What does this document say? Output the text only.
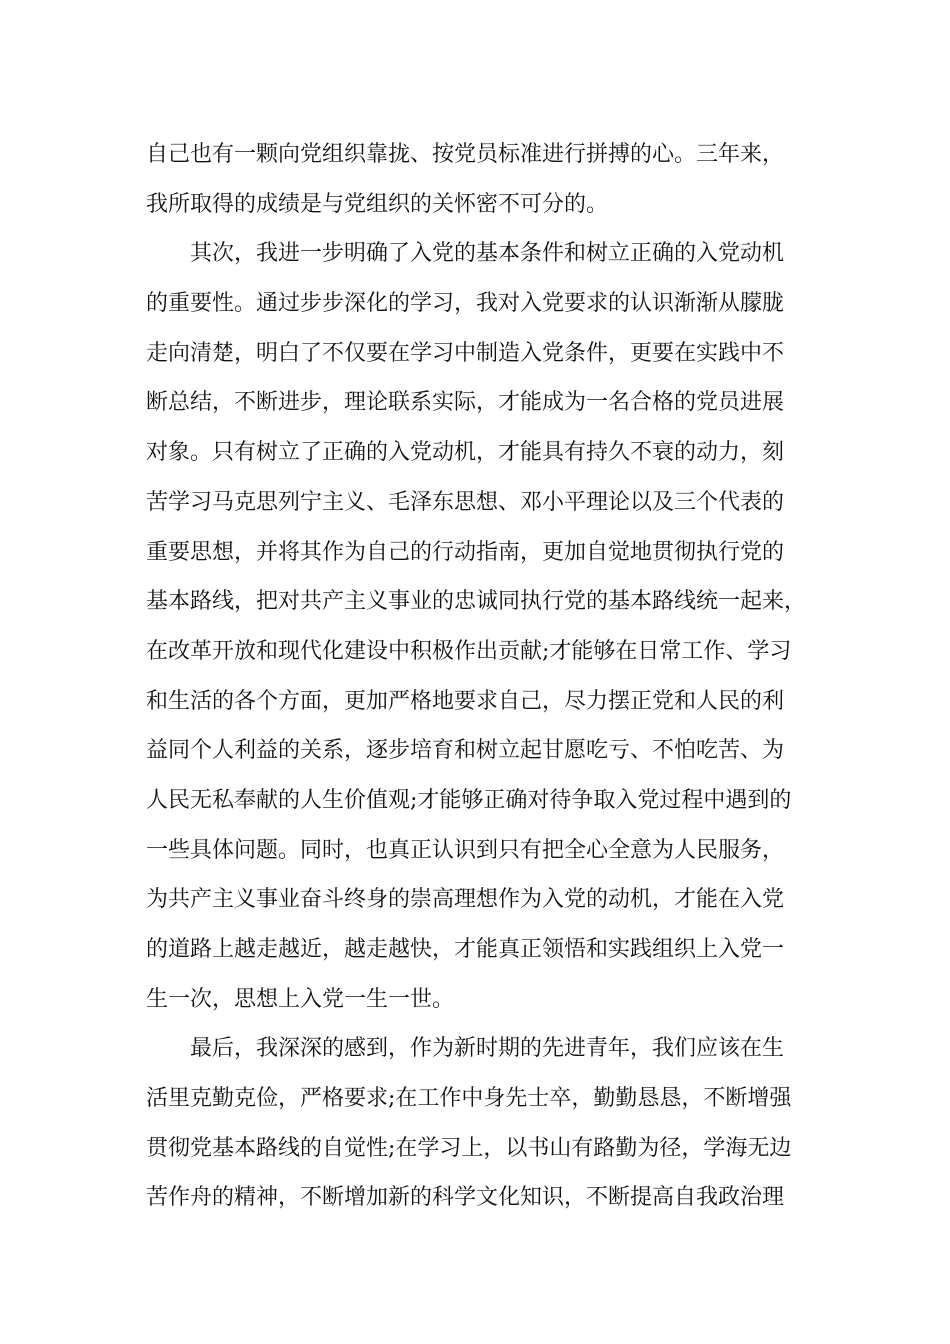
自己也有一颗向党组织靠拢、按党员标准进行拼搏的心。三年来，
我所取得的成绩是与党组织的关怀密不可分的。
　　其次，我进一步明确了入党的基本条件和树立正确的入党动机
的重要性。通过步步深化的学习，我对入党要求的认识渐渐从朦胧
走向清楚，明白了不仅要在学习中制造入党条件，更要在实践中不
断总结，不断进步，理论联系实际，才能成为一名合格的党员进展
对象。只有树立了正确的入党动机，才能具有持久不衰的动力，刻
苦学习马克思列宁主义、毛泽东思想、邓小平理论以及三个代表的
重要思想，并将其作为自己的行动指南，更加自觉地贯彻执行党的
基本路线，把对共产主义事业的忠诚同执行党的基本路线统一起来，
在改革开放和现代化建设中积极作出贡献;才能够在日常工作、学习
和生活的各个方面，更加严格地要求自己，尽力摆正党和人民的利
益同个人利益的关系，逐步培育和树立起甘愿吃亏、不怕吃苦、为
人民无私奉献的人生价值观;才能够正确对待争取入党过程中遇到的
一些具体问题。同时，也真正认识到只有把全心全意为人民服务，
为共产主义事业奋斗终身的崇高理想作为入党的动机，才能在入党
的道路上越走越近，越走越快，才能真正领悟和实践组织上入党一
生一次，思想上入党一生一世。
　　最后，我深深的感到，作为新时期的先进青年，我们应该在生
活里克勤克俭，严格要求;在工作中身先士卒，勤勤恳恳，不断增强
贯彻党基本路线的自觉性;在学习上，以书山有路勤为径，学海无边
苦作舟的精神，不断增加新的科学文化知识，不断提高自我政治理
